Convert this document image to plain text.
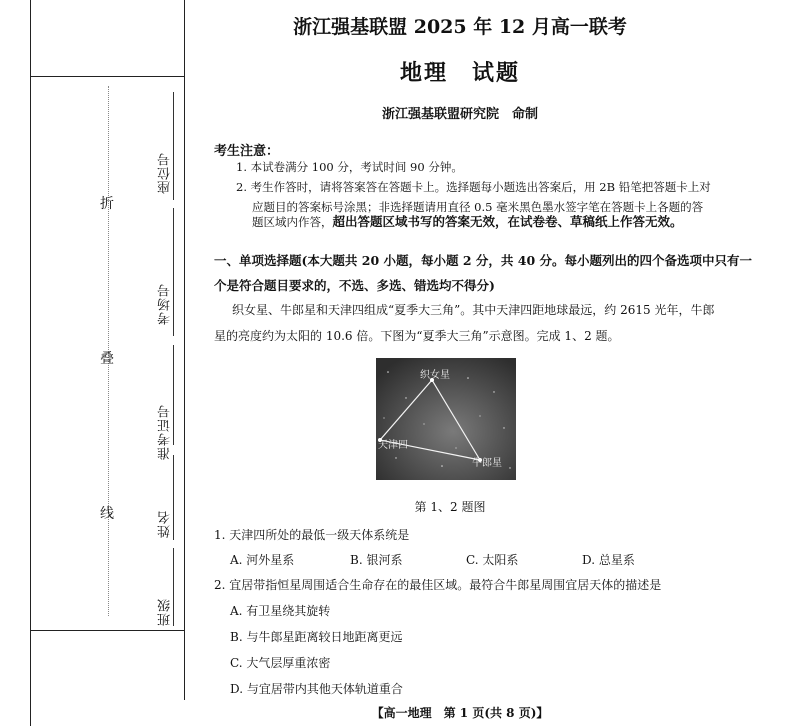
折
叠
线
座位号
考场号
准考证号
姓名
班级
浙江强基联盟 2025 年 12 月高一联考
地理　试题
浙江强基联盟研究院　命制
考生注意：
1. 本试卷满分 100 分，考试时间 90 分钟。
2. 考生作答时，请将答案答在答题卡上。选择题每小题选出答案后，用 2B 铅笔把答题卡上对
应题目的答案标号涂黑；非选择题请用直径 0.5 毫米黑色墨水签字笔在答题卡上各题的答
题区域内作答，超出答题区域书写的答案无效，在试卷卷、草稿纸上作答无效。
一、单项选择题(本大题共 20 小题，每小题 2 分，共 40 分。每小题列出的四个备选项中只有一
个是符合题目要求的，不选、多选、错选均不得分)
织女星、牛郎星和天津四组成“夏季大三角”。其中天津四距地球最远，约 2615 光年，牛郎
星的亮度约为太阳的 10.6 倍。下图为“夏季大三角”示意图。完成 1、2 题。
织女星
天津四
牛郎星
第 1、2 题图
1. 天津四所处的最低一级天体系统是
A. 河外星系	B. 银河系	C. 太阳系	D. 总星系
2. 宜居带指恒星周围适合生命存在的最佳区域。最符合牛郎星周围宜居天体的描述是
A. 有卫星绕其旋转
B. 与牛郎星距离较日地距离更远
C. 大气层厚重浓密
D. 与宜居带内其他天体轨道重合
【高一地理　第 1 页(共 8 页)】
